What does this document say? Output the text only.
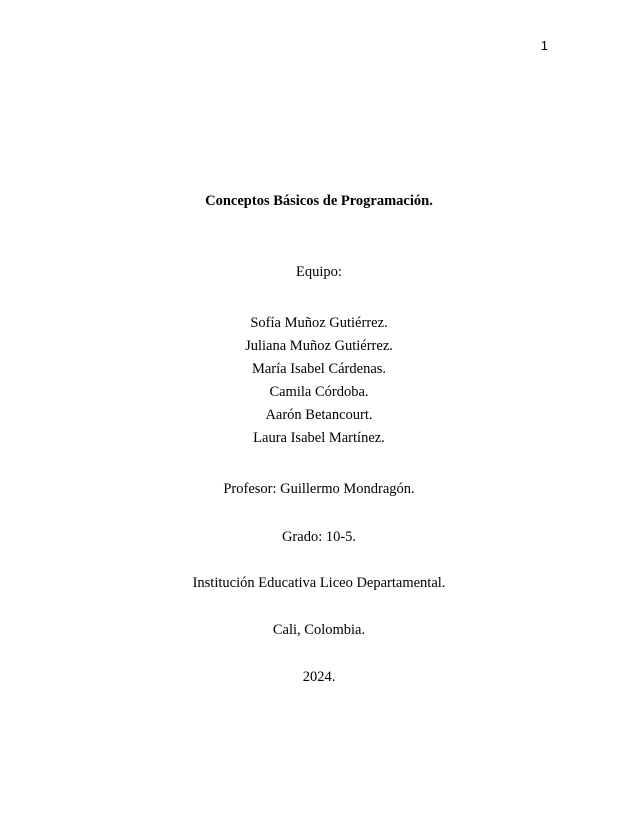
1

Conceptos Básicos de Programación.

Equipo:

Sofía Muñoz Gutiérrez.

Juliana Muñoz Gutiérrez.

María Isabel Cárdenas.

Camila Córdoba.

Aarón Betancourt.

Laura Isabel Martínez.

Profesor: Guillermo Mondragón.

Grado: 10-5.

Institución Educativa Liceo Departamental.

Cali, Colombia.

2024.
